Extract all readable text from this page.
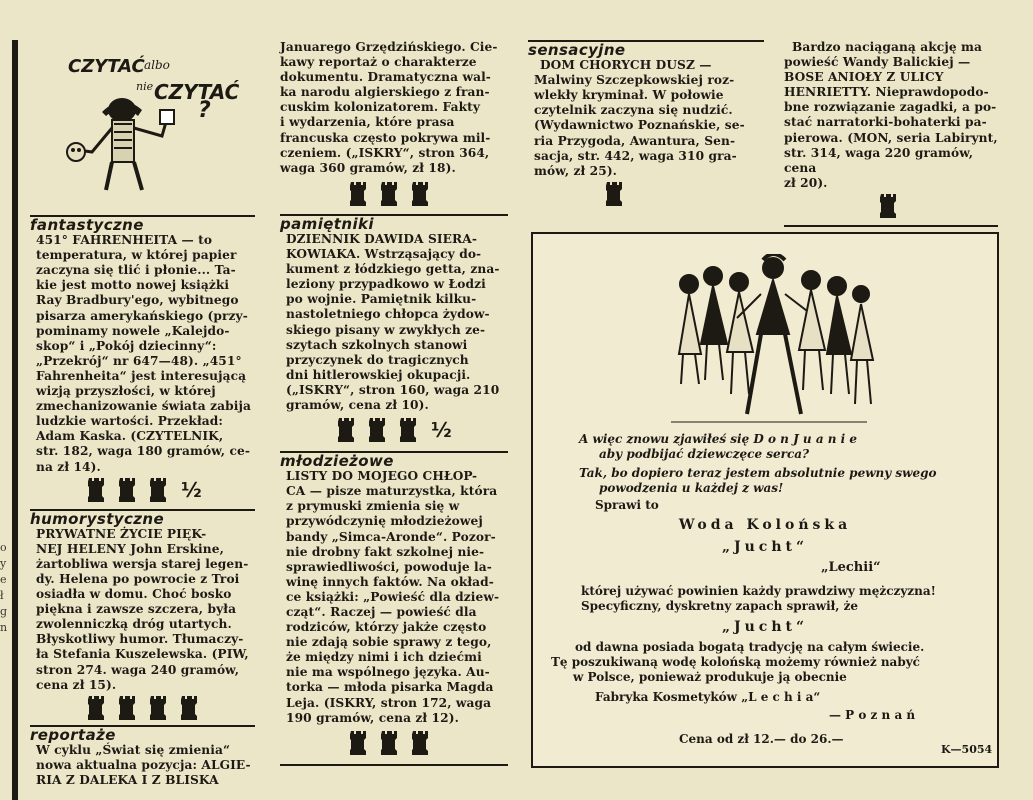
o
y
e
ł
g
n
CZYTAĆ albo
nie CZYTAĆ
?
fantastyczne

451° FAHRENHEITA — to

temperatura, w której papier

zaczyna się tlić i płonie... Ta-

kie jest motto nowej książki

Ray Bradbury'ego, wybitnego

pisarza amerykańskiego (przy-

pominamy nowele „Kalejdo-

skop“ i „Pokój dziecinny“:

„Przekrój“ nr 647—48). „451°

Fahrenheita“ jest interesującą

wizją przyszłości, w której

zmechanizowanie świata zabija

ludzkie wartości. Przekład:

Adam Kaska. (CZYTELNIK,

str. 182, waga 180 gramów, ce-

na zł 14).

½
humorystyczne

PRYWATNE ŻYCIE PIĘK-

NEJ HELENY John Erskine,

żartobliwa wersja starej legen-

dy. Helena po powrocie z Troi

osiadła w domu. Choć bosko

piękna i zawsze szczera, była

zwolenniczką dróg utartych.

Błyskotliwy humor. Tłumaczy-

ła Stefania Kuszelewska. (PIW,

stron 274. waga 240 gramów,

cena zł 15).

reportaże

W cyklu „Świat się zmienia“

nowa aktualna pozycja: ALGIE-

RIA Z DALEKA I Z BLISKA

Januarego Grzędzińskiego. Cie-

kawy reportaż o charakterze

dokumentu. Dramatyczna wal-

ka narodu algierskiego z fran-

cuskim kolonizatorem. Fakty

i wydarzenia, które prasa

francuska często pokrywa mil-

czeniem. („ISKRY“, stron 364,

waga 360 gramów, zł 18).

pamiętniki

DZIENNIK DAWIDA SIERA-

KOWIAKA. Wstrząsający do-

kument z łódzkiego getta, zna-

leziony przypadkowo w Łodzi

po wojnie. Pamiętnik kilku-

nastoletniego chłopca żydow-

skiego pisany w zwykłych ze-

szytach szkolnych stanowi

przyczynek do tragicznych

dni hitlerowskiej okupacji.

(„ISKRY“, stron 160, waga 210

gramów, cena zł 10).

½
młodzieżowe

LISTY DO MOJEGO CHŁOP-

CA — pisze maturzystka, która

z prymuski zmienia się w

przywódczynię młodzieżowej

bandy „Simca-Aronde“. Pozor-

nie drobny fakt szkolnej nie-

sprawiedliwości, powoduje la-

winę innych faktów. Na okład-

ce książki: „Powieść dla dziew-

cząt“. Raczej — powieść dla

rodziców, którzy jakże często

nie zdają sobie sprawy z tego,

że między nimi i ich dziećmi

nie ma wspólnego języka. Au-

torka — młoda pisarka Magda

Leja. (ISKRY, stron 172, waga

190 gramów, cena zł 12).

sensacyjne

DOM CHORYCH DUSZ —

Malwiny Szczepkowskiej roz-

wlekły kryminał. W połowie

czytelnik zaczyna się nudzić.

(Wydawnictwo Poznańskie, se-

ria Przygoda, Awantura, Sen-

sacja, str. 442, waga 310 gra-

mów, zł 25).

Bardzo naciąganą akcję ma

powieść Wandy Balickiej —

BOSE ANIOŁY Z ULICY

HENRIETTY. Nieprawdopodo-

bne rozwiązanie zagadki, a po-

stać narratorki-bohaterki pa-

pierowa. (MON, seria Labirynt,

str. 314, waga 220 gramów, cena

zł 20).

A więc znowu zjawiłeś się D o n J u a n i e
aby podbijać dziewczęce serca?
Tak, bo dopiero teraz jestem absolutnie pewny swego
powodzenia u każdej z was!
Sprawi to
Woda Kolońska
„Jucht“
„Lechii“
której używać powinien każdy prawdziwy mężczyzna!
Specyficzny, dyskretny zapach sprawił, że
„Jucht“
od dawna posiada bogatą tradycję na całym świecie.
Tę poszukiwaną wodę kolońską możemy również nabyć
w Polsce, ponieważ produkuje ją obecnie
Fabryka Kosmetyków „L e c h i a“
— P o z n a ń
Cena od zł 12.— do 26.—
K—5054
